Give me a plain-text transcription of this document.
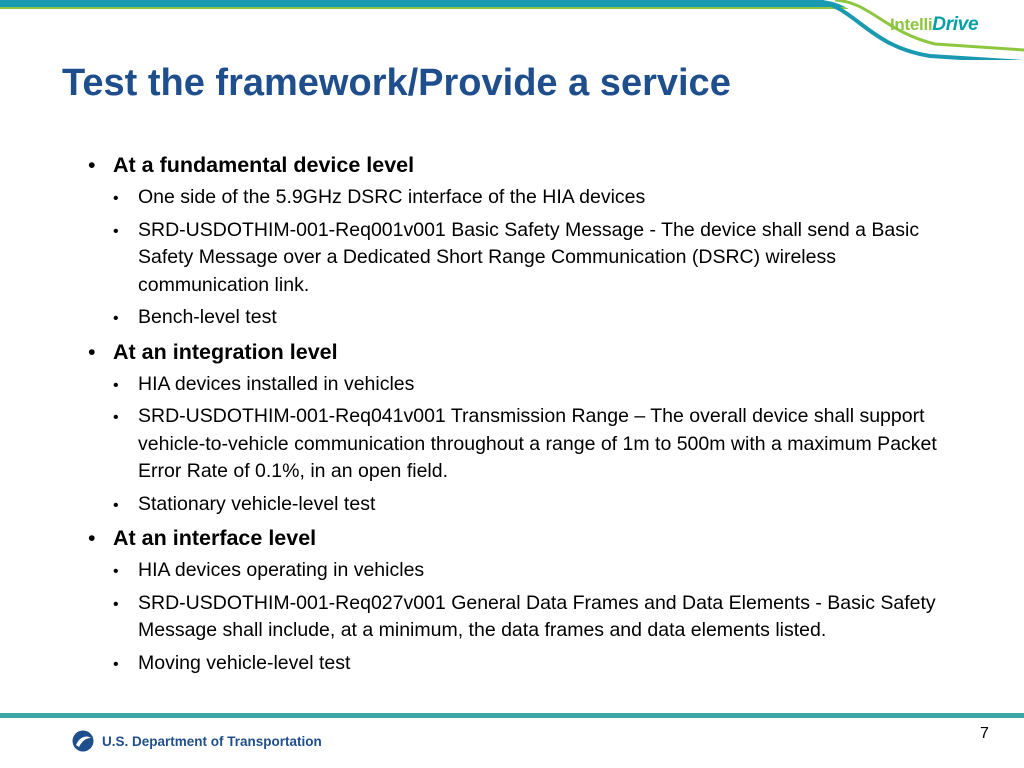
IntelliDrive
Test the framework/Provide a service
• At a fundamental device level
• One side of the 5.9GHz DSRC interface of the HIA devices
• SRD-USDOTHIM-001-Req001v001 Basic Safety Message - The device shall send a Basic Safety Message over a Dedicated Short Range Communication (DSRC) wireless communication link.
• Bench-level test
• At an integration level
• HIA devices installed in vehicles
• SRD-USDOTHIM-001-Req041v001 Transmission Range – The overall device shall support vehicle-to-vehicle communication throughout a range of 1m to 500m with a maximum Packet Error Rate of 0.1%, in an open field.
• Stationary vehicle-level test
• At an interface level
• HIA devices operating in vehicles
• SRD-USDOTHIM-001-Req027v001 General Data Frames and Data Elements - Basic Safety Message shall include, at a minimum, the data frames and data elements listed.
• Moving vehicle-level test
U.S. Department of Transportation	7
